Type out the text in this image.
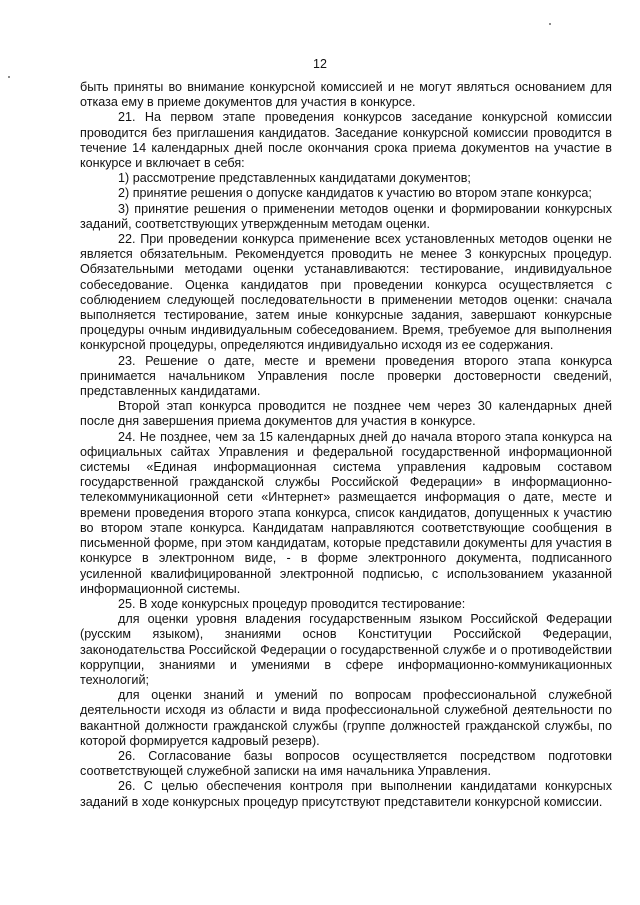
12

быть приняты во внимание конкурсной комиссией и не могут являться основанием для отказа ему в приеме документов для участия в конкурсе.

21. На первом этапе проведения конкурсов заседание конкурсной комиссии проводится без приглашения кандидатов. Заседание конкурсной комиссии проводится в течение 14 календарных дней после окончания срока приема документов на участие в конкурсе и включает в себя:

1) рассмотрение представленных кандидатами документов;

2) принятие решения о допуске кандидатов к участию во втором этапе конкурса;

3) принятие решения о применении методов оценки и формировании конкурсных заданий, соответствующих утвержденным методам оценки.

22. При проведении конкурса применение всех установленных методов оценки не является обязательным. Рекомендуется проводить не менее 3 конкурсных процедур. Обязательными методами оценки устанавливаются: тестирование, индивидуальное собеседование. Оценка кандидатов при проведении конкурса осуществляется с соблюдением следующей последовательности в применении методов оценки: сначала выполняется тестирование, затем иные конкурсные задания, завершают конкурсные процедуры очным индивидуальным собеседованием. Время, требуемое для выполнения конкурсной процедуры, определяются индивидуально исходя из ее содержания.

23. Решение о дате, месте и времени проведения второго этапа конкурса принимается начальником Управления после проверки достоверности сведений, представленных кандидатами.

Второй этап конкурса проводится не позднее чем через 30 календарных дней после дня завершения приема документов для участия в конкурсе.

24. Не позднее, чем за 15 календарных дней до начала второго этапа конкурса на официальных сайтах Управления и федеральной государственной информационной системы «Единая информационная система управления кадровым составом государственной гражданской службы Российской Федерации» в информационно-телекоммуникационной сети «Интернет» размещается информация о дате, месте и времени проведения второго этапа конкурса, список кандидатов, допущенных к участию во втором этапе конкурса. Кандидатам направляются соответствующие сообщения в письменной форме, при этом кандидатам, которые представили документы для участия в конкурсе в электронном виде, - в форме электронного документа, подписанного усиленной квалифицированной электронной подписью, с использованием указанной информационной системы.

25. В ходе конкурсных процедур проводится тестирование:

для оценки уровня владения государственным языком Российской Федерации (русским языком), знаниями основ Конституции Российской Федерации, законодательства Российской Федерации о государственной службе и о противодействии коррупции, знаниями и умениями в сфере информационно-коммуникационных технологий;

для оценки знаний и умений по вопросам профессиональной служебной деятельности исходя из области и вида профессиональной служебной деятельности по вакантной должности гражданской службы (группе должностей гражданской службы, по которой формируется кадровый резерв).

26. Согласование базы вопросов осуществляется посредством подготовки соответствующей служебной записки на имя начальника Управления.

26. С целью обеспечения контроля при выполнении кандидатами конкурсных заданий в ходе конкурсных процедур присутствуют представители конкурсной комиссии.
